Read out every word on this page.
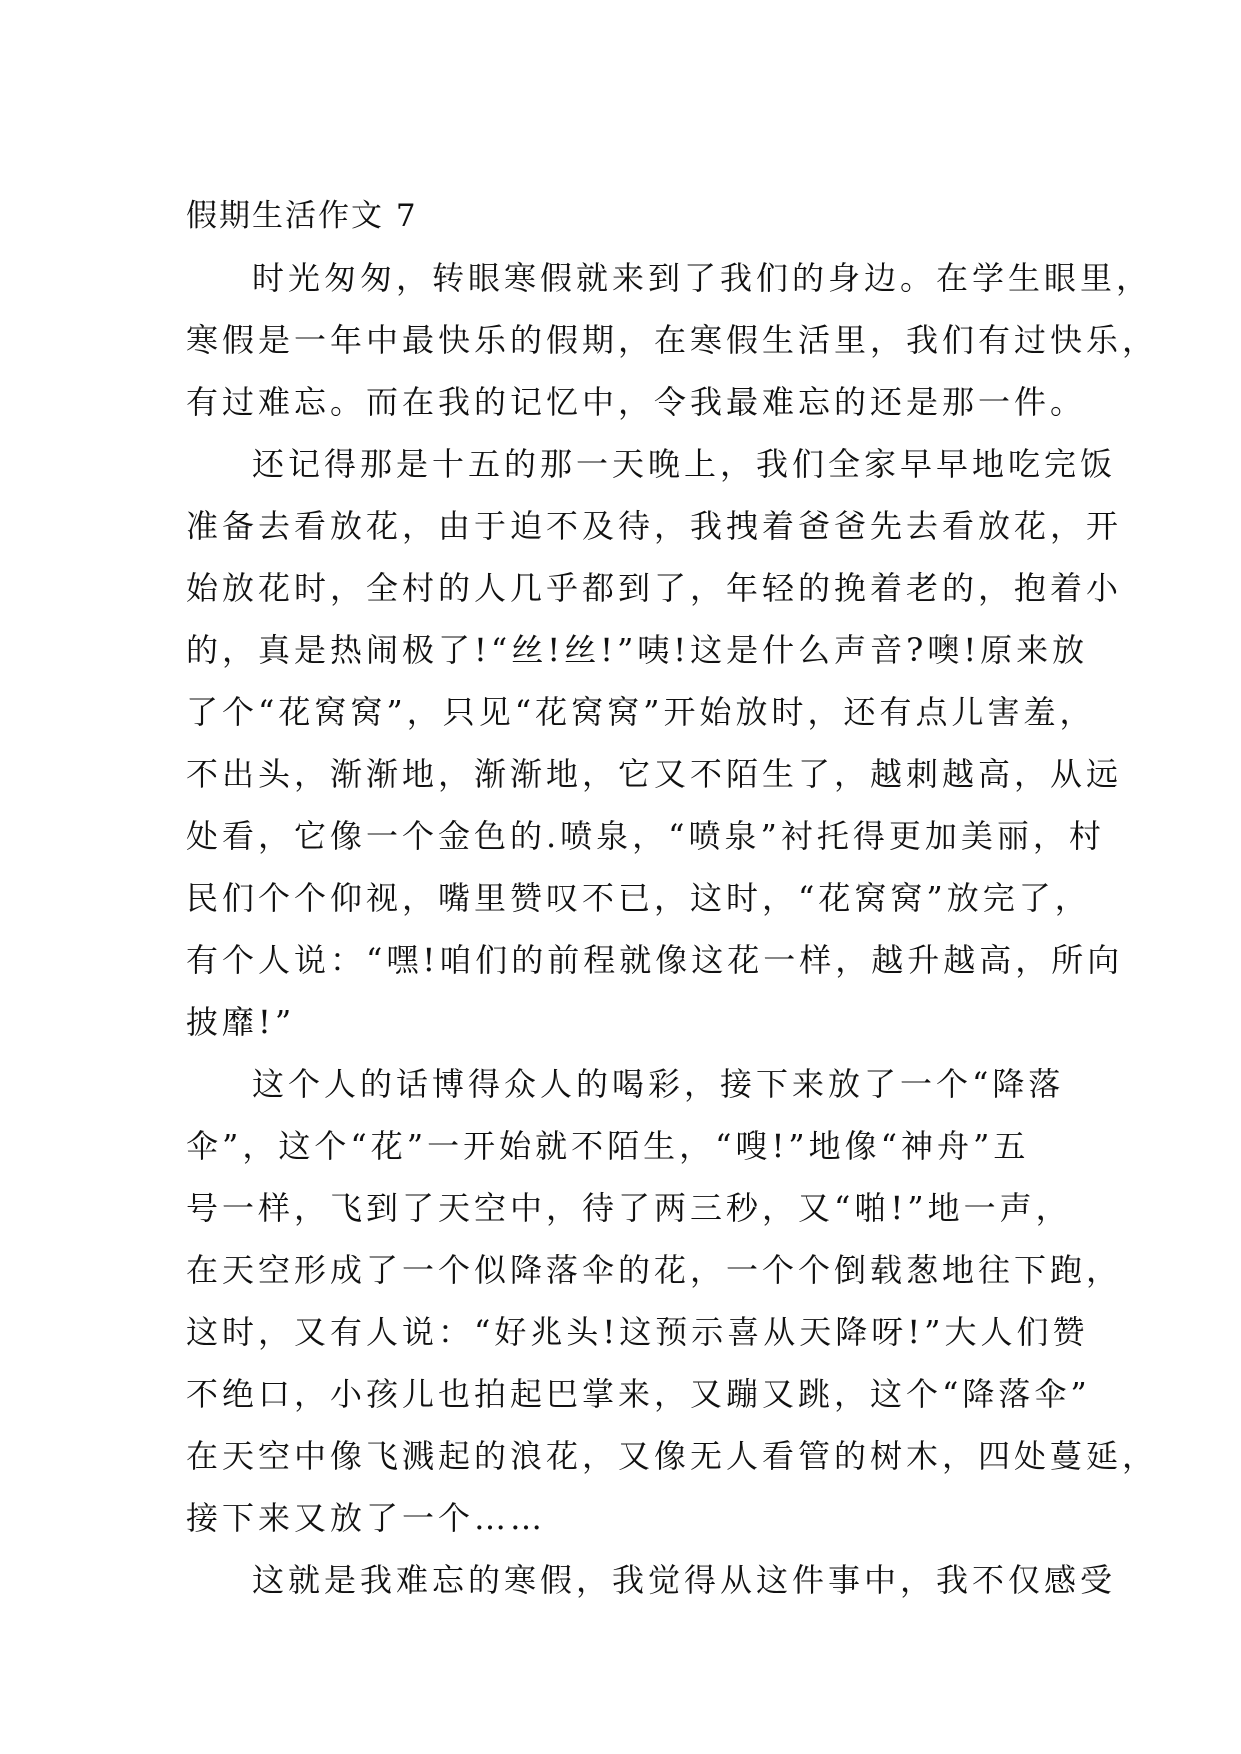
假期生活作文 7
时光匆匆，转眼寒假就来到了我们的身边。在学生眼里，
寒假是一年中最快乐的假期，在寒假生活里，我们有过快乐，
有过难忘。而在我的记忆中，令我最难忘的还是那一件。
还记得那是十五的那一天晚上，我们全家早早地吃完饭
准备去看放花，由于迫不及待，我拽着爸爸先去看放花，开
始放花时，全村的人几乎都到了，年轻的挽着老的，抱着小
的，真是热闹极了!“丝!丝!”咦!这是什么声音?噢!原来放
了个“花窝窝”，只见“花窝窝”开始放时，还有点儿害羞，
不出头，渐渐地，渐渐地，它又不陌生了，越刺越高，从远
处看，它像一个金色的.喷泉，“喷泉”衬托得更加美丽，村
民们个个仰视，嘴里赞叹不已，这时，“花窝窝”放完了，
有个人说：“嘿!咱们的前程就像这花一样，越升越高，所向
披靡!”
这个人的话博得众人的喝彩，接下来放了一个“降落
伞”，这个“花”一开始就不陌生，“嗖!”地像“神舟”五
号一样，飞到了天空中，待了两三秒，又“啪!”地一声，
在天空形成了一个似降落伞的花，一个个倒载葱地往下跑，
这时，又有人说：“好兆头!这预示喜从天降呀!”大人们赞
不绝口，小孩儿也拍起巴掌来，又蹦又跳，这个“降落伞”
在天空中像飞溅起的浪花，又像无人看管的树木，四处蔓延，
接下来又放了一个……
这就是我难忘的寒假，我觉得从这件事中，我不仅感受
